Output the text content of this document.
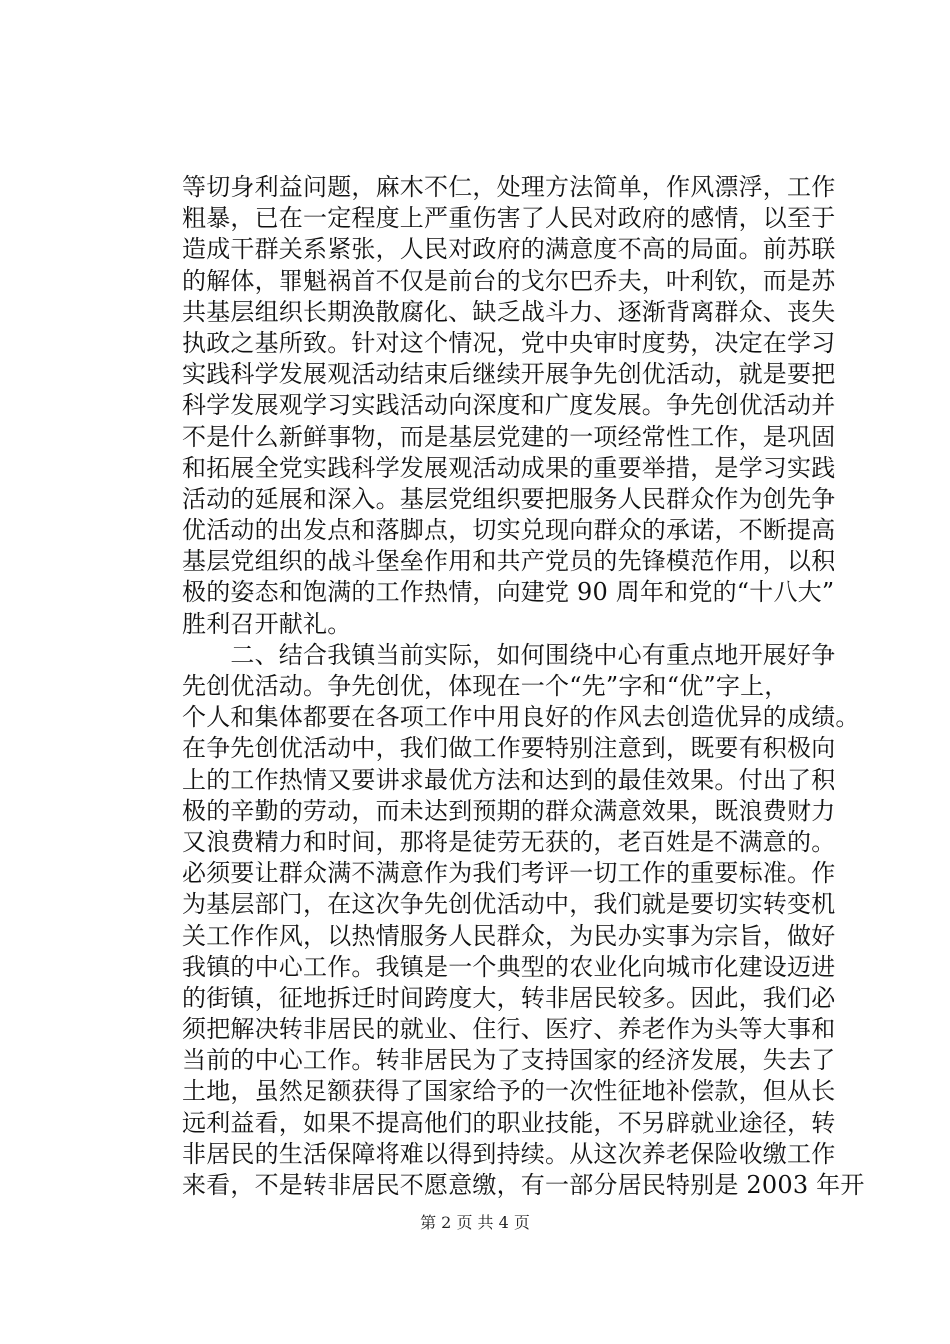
等切身利益问题，麻木不仁，处理方法简单，作风漂浮，工作
粗暴，已在一定程度上严重伤害了人民对政府的感情，以至于
造成干群关系紧张，人民对政府的满意度不高的局面。前苏联
的解体，罪魁祸首不仅是前台的戈尔巴乔夫，叶利钦，而是苏
共基层组织长期涣散腐化、缺乏战斗力、逐渐背离群众、丧失
执政之基所致。针对这个情况，党中央审时度势，决定在学习
实践科学发展观活动结束后继续开展争先创优活动，就是要把
科学发展观学习实践活动向深度和广度发展。争先创优活动并
不是什么新鲜事物，而是基层党建的一项经常性工作，是巩固
和拓展全党实践科学发展观活动成果的重要举措，是学习实践
活动的延展和深入。基层党组织要把服务人民群众作为创先争
优活动的出发点和落脚点，切实兑现向群众的承诺，不断提高
基层党组织的战斗堡垒作用和共产党员的先锋模范作用，以积
极的姿态和饱满的工作热情，向建党 90 周年和党的“十八大”
胜利召开献礼。
　　二、结合我镇当前实际，如何围绕中心有重点地开展好争
先创优活动。争先创优，体现在一个“先”字和“优”字上，
个人和集体都要在各项工作中用良好的作风去创造优异的成绩。
在争先创优活动中，我们做工作要特别注意到，既要有积极向
上的工作热情又要讲求最优方法和达到的最佳效果。付出了积
极的辛勤的劳动，而未达到预期的群众满意效果，既浪费财力
又浪费精力和时间，那将是徒劳无获的，老百姓是不满意的。
必须要让群众满不满意作为我们考评一切工作的重要标准。作
为基层部门，在这次争先创优活动中，我们就是要切实转变机
关工作作风，以热情服务人民群众，为民办实事为宗旨，做好
我镇的中心工作。我镇是一个典型的农业化向城市化建设迈进
的街镇，征地拆迁时间跨度大，转非居民较多。因此，我们必
须把解决转非居民的就业、住行、医疗、养老作为头等大事和
当前的中心工作。转非居民为了支持国家的经济发展，失去了
土地，虽然足额获得了国家给予的一次性征地补偿款，但从长
远利益看，如果不提高他们的职业技能，不另辟就业途径，转
非居民的生活保障将难以得到持续。从这次养老保险收缴工作
来看，不是转非居民不愿意缴，有一部分居民特别是 2003 年开
第 2 页 共 4 页
